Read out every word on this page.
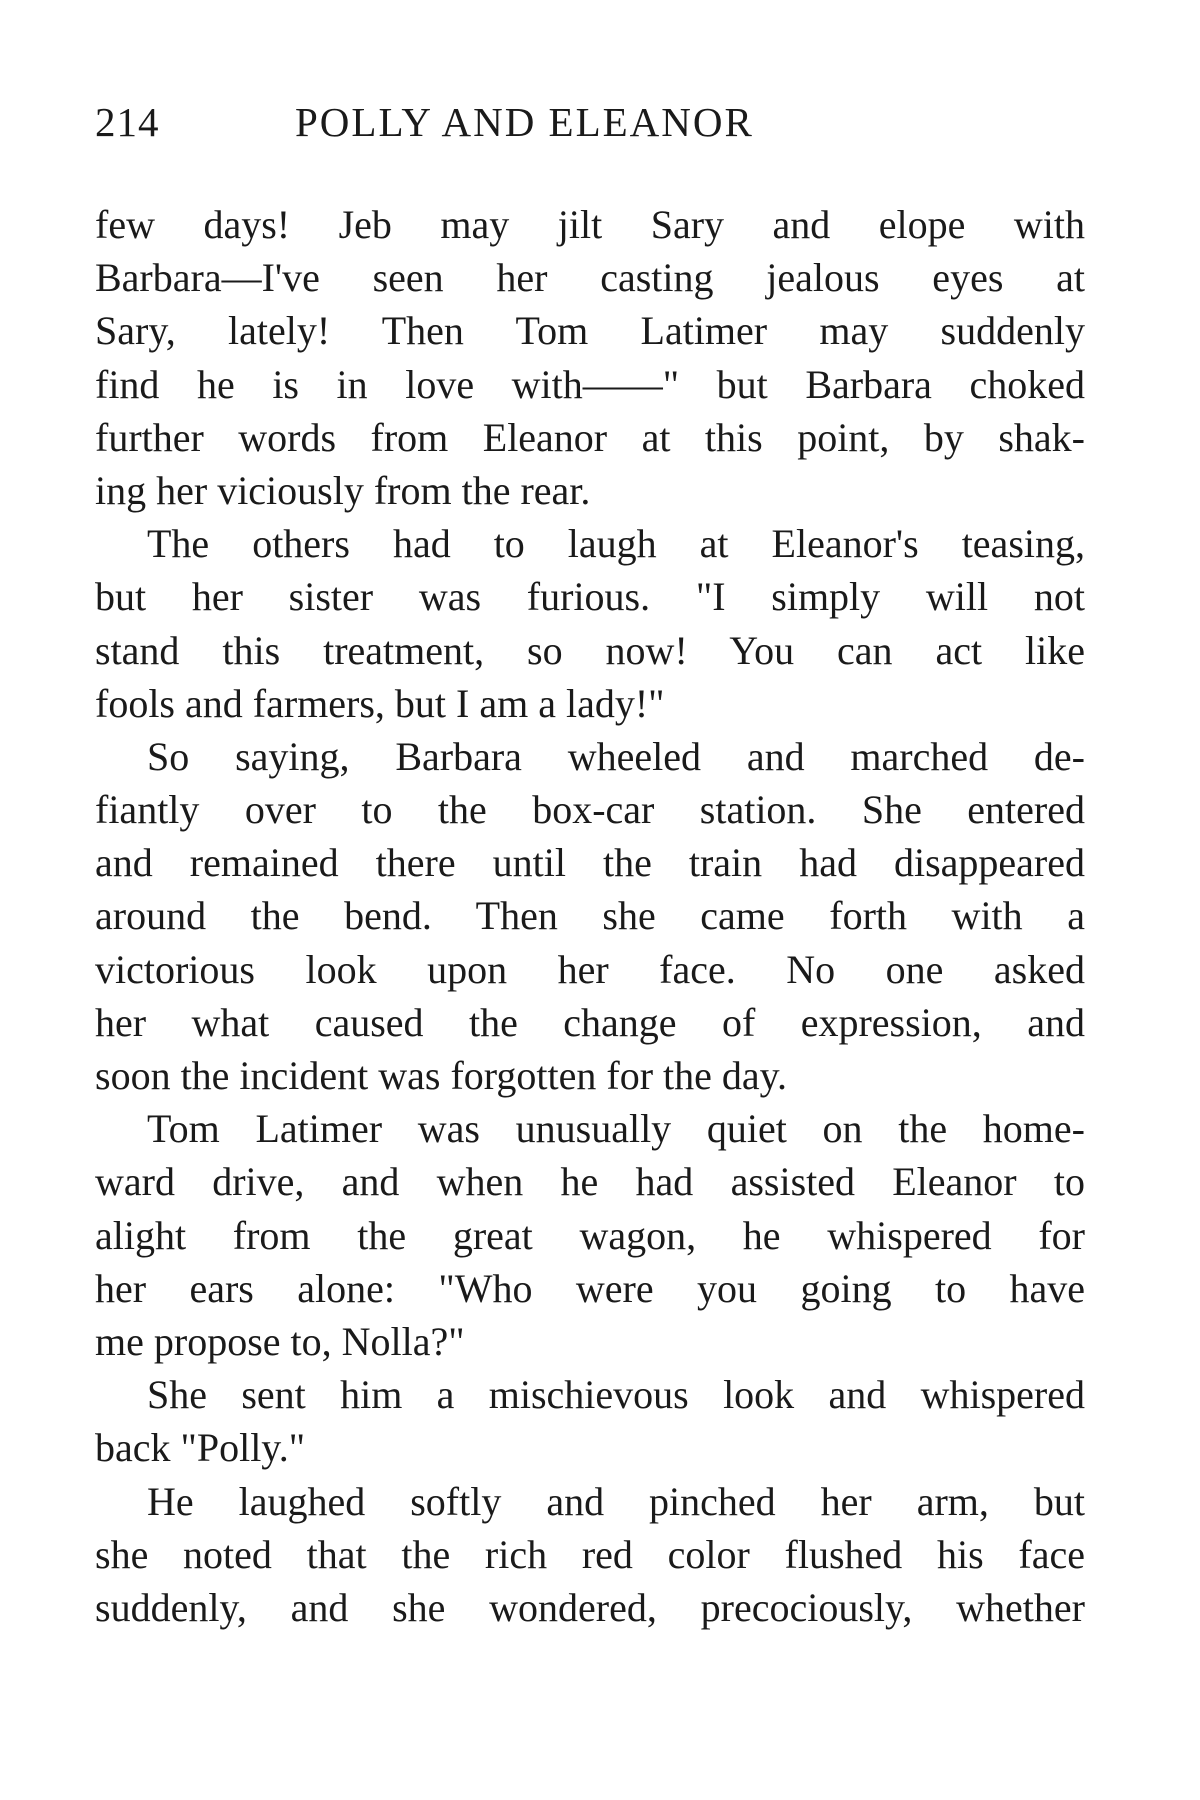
214	POLLY AND ELEANOR
few days! Jeb may jilt Sary and elope with
Barbara—I've seen her casting jealous eyes at
Sary, lately! Then Tom Latimer may suddenly
find he is in love with——" but Barbara choked
further words from Eleanor at this point, by shak-
ing her viciously from the rear.
The others had to laugh at Eleanor's teasing,
but her sister was furious. "I simply will not
stand this treatment, so now! You can act like
fools and farmers, but I am a lady!"
So saying, Barbara wheeled and marched de-
fiantly over to the box-car station. She entered
and remained there until the train had disappeared
around the bend. Then she came forth with a
victorious look upon her face. No one asked
her what caused the change of expression, and
soon the incident was forgotten for the day.
Tom Latimer was unusually quiet on the home-
ward drive, and when he had assisted Eleanor to
alight from the great wagon, he whispered for
her ears alone: "Who were you going to have
me propose to, Nolla?"
She sent him a mischievous look and whispered
back "Polly."
He laughed softly and pinched her arm, but
she noted that the rich red color flushed his face
suddenly, and she wondered, precociously, whether
